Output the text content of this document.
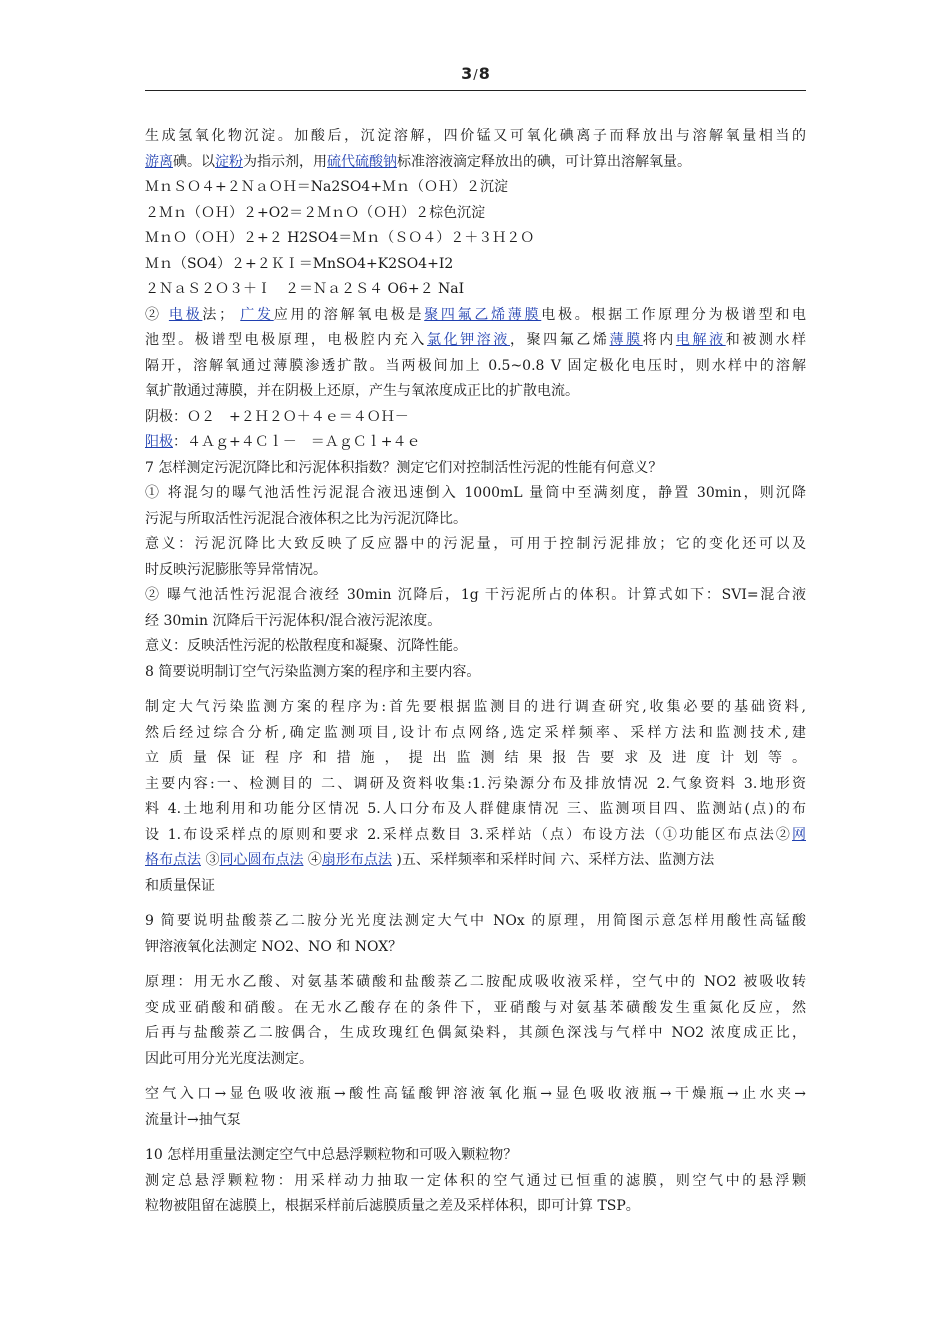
3/8

生成氢氧化物沉淀。加酸后，沉淀溶解，四价锰又可氧化碘离子而释放出与溶解氧量相当的

游离碘。以淀粉为指示剂，用硫代硫酸钠标准溶液滴定释放出的碘，可计算出溶解氧量。

ＭｎＳＯ４+２ＮａＯＨ＝Na2SO4+Ｍｎ（ＯＨ）２沉淀

２Ｍｎ（ＯＨ）２+O2＝２ＭｎＯ（ＯＨ）２棕色沉淀

ＭｎＯ（ＯＨ）２+２ H2SO4＝Ｍｎ（ＳＯ４）２＋３Ｈ２Ｏ

Ｍｎ（SO4）２+２ＫＩ＝MnSO4+K2SO4+I2

２ＮａＳ２Ｏ３＋Ｉ　２＝Ｎａ２Ｓ４ O6+２ NaI

② 电极法； 广发应用的溶解氧电极是聚四氟乙烯薄膜电极。根据工作原理分为极谱型和电

池型。极谱型电极原理，电极腔内充入氯化钾溶液，聚四氟乙烯薄膜将内电解液和被测水样

隔开，溶解氧通过薄膜渗透扩散。当两极间加上 0.5~0.8 V 固定极化电压时，则水样中的溶解

氧扩散通过薄膜，并在阴极上还原，产生与氧浓度成正比的扩散电流。

阴极：Ｏ２　+２Ｈ２Ｏ＋４ｅ＝４ＯＨ－

阳极：４Ａｇ+４Ｃｌ－　＝ＡｇＣｌ+４ｅ

7 怎样测定污泥沉降比和污泥体积指数？测定它们对控制活性污泥的性能有何意义？

① 将混匀的曝气池活性污泥混合液迅速倒入 1000mL 量筒中至满刻度，静置 30min，则沉降

污泥与所取活性污泥混合液体积之比为污泥沉降比。

意义：污泥沉降比大致反映了反应器中的污泥量，可用于控制污泥排放；它的变化还可以及

时反映污泥膨胀等异常情况。

② 曝气池活性污泥混合液经 30min 沉降后，1g 干污泥所占的体积。计算式如下：SVI=混合液

经 30min 沉降后干污泥体积/混合液污泥浓度。

意义：反映活性污泥的松散程度和凝聚、沉降性能。

8 简要说明制订空气污染监测方案的程序和主要内容。

制定大气污染监测方案的程序为:首先要根据监测目的进行调查研究,收集必要的基础资料,

然后经过综合分析,确定监测项目,设计布点网络,选定采样频率、采样方法和监测技术,建

立 质 量 保 证 程 序 和 措 施 ， 提 出 监 测 结 果 报 告 要 求 及 进 度 计 划 等 。

主要内容:一、检测目的 二、调研及资料收集:1.污染源分布及排放情况 2.气象资料 3.地形资

料 4.土地利用和功能分区情况 5.人口分布及人群健康情况 三、监测项目四、监测站(点)的布

设 1.布设采样点的原则和要求 2.采样点数目 3.采样站（点）布设方法（①功能区布点法②网

格布点法 ③同心圆布点法 ④扇形布点法 )五、采样频率和采样时间 六、采样方法、监测方法

和质量保证

9 简要说明盐酸萘乙二胺分光光度法测定大气中 NOx 的原理，用简图示意怎样用酸性高锰酸

钾溶液氧化法测定 NO2、NO 和 NOX？

原理：用无水乙酸、对氨基苯磺酸和盐酸萘乙二胺配成吸收液采样，空气中的 NO2 被吸收转

变成亚硝酸和硝酸。在无水乙酸存在的条件下，亚硝酸与对氨基苯磺酸发生重氮化反应，然

后再与盐酸萘乙二胺偶合，生成玫瑰红色偶氮染料，其颜色深浅与气样中 NO2 浓度成正比，

因此可用分光光度法测定。

空气入口→显色吸收液瓶→酸性高锰酸钾溶液氧化瓶→显色吸收液瓶→干燥瓶→止水夹→

流量计→抽气泵

10 怎样用重量法测定空气中总悬浮颗粒物和可吸入颗粒物？

测定总悬浮颗粒物：用采样动力抽取一定体积的空气通过已恒重的滤膜，则空气中的悬浮颗

粒物被阻留在滤膜上，根据采样前后滤膜质量之差及采样体积，即可计算 TSP。
